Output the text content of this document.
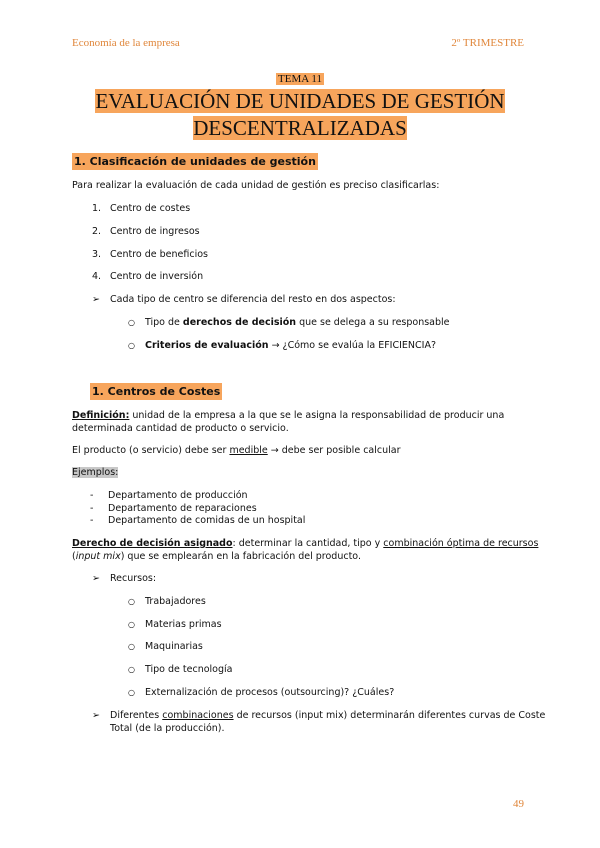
Economía de la empresa	2º TRIMESTRE
TEMA 11
EVALUACIÓN DE UNIDADES DE GESTIÓN
DESCENTRALIZADAS
1. Clasificación de unidades de gestión
Para realizar la evaluación de cada unidad de gestión es preciso clasificarlas:
1. Centro de costes
2. Centro de ingresos
3. Centro de beneficios
4. Centro de inversión
➢ Cada tipo de centro se diferencia del resto en dos aspectos:
○ Tipo de derechos de decisión que se delega a su responsable
○ Criterios de evaluación → ¿Cómo se evalúa la EFICIENCIA?
1. Centros de Costes
Definición: unidad de la empresa a la que se le asigna la responsabilidad de producir una
determinada cantidad de producto o servicio.
El producto (o servicio) debe ser medible → debe ser posible calcular
Ejemplos:
- Departamento de producción
- Departamento de reparaciones
- Departamento de comidas de un hospital
Derecho de decisión asignado: determinar la cantidad, tipo y combinación óptima de recursos
(input mix) que se emplearán en la fabricación del producto.
➢ Recursos:
○ Trabajadores
○ Materias primas
○ Maquinarias
○ Tipo de tecnología
○ Externalización de procesos (outsourcing)? ¿Cuáles?
➢ Diferentes combinaciones de recursos (input mix) determinarán diferentes curvas de Coste
Total (de la producción).
49
